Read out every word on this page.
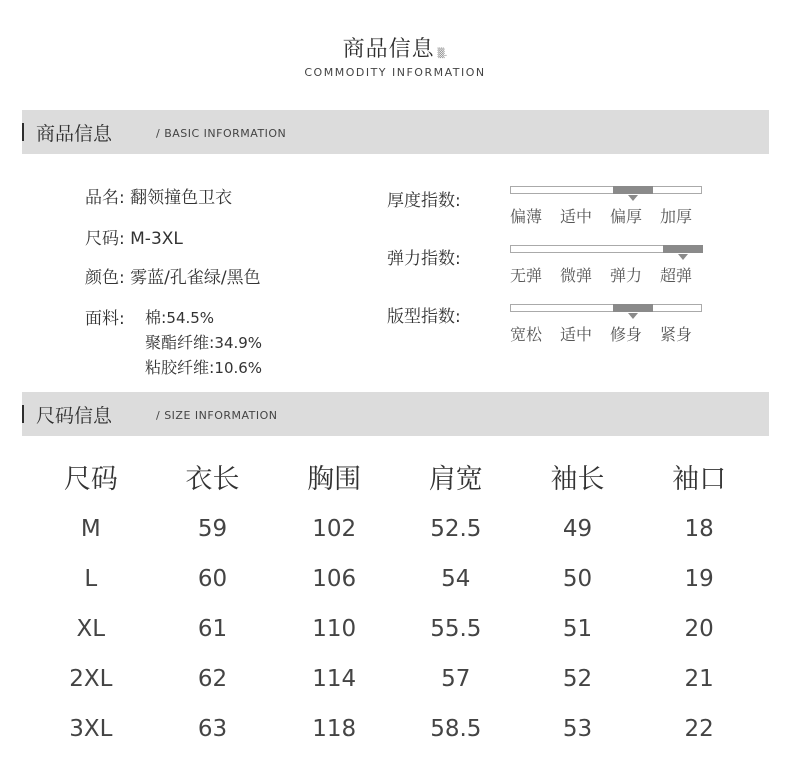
商品信息 ▒.
COMMODITY INFORMATION
商品信息	/ BASIC INFORMATION
品名: 翻领撞色卫衣
尺码: M-3XL
颜色: 雾蓝/孔雀绿/黑色
面料: 棉:54.5%
聚酯纤维:34.9%
粘胶纤维:10.6%
厚度指数:
偏薄 适中 偏厚 加厚
弹力指数:
无弹 微弹 弹力 超弹
版型指数:
宽松 适中 修身 紧身
尺码信息	/ SIZE INFORMATION
尺码	衣长	胸围	肩宽	袖长	袖口
M	59	102	52.5	49	18
L	60	106	54	50	19
XL	61	110	55.5	51	20
2XL	62	114	57	52	21
3XL	63	118	58.5	53	22
